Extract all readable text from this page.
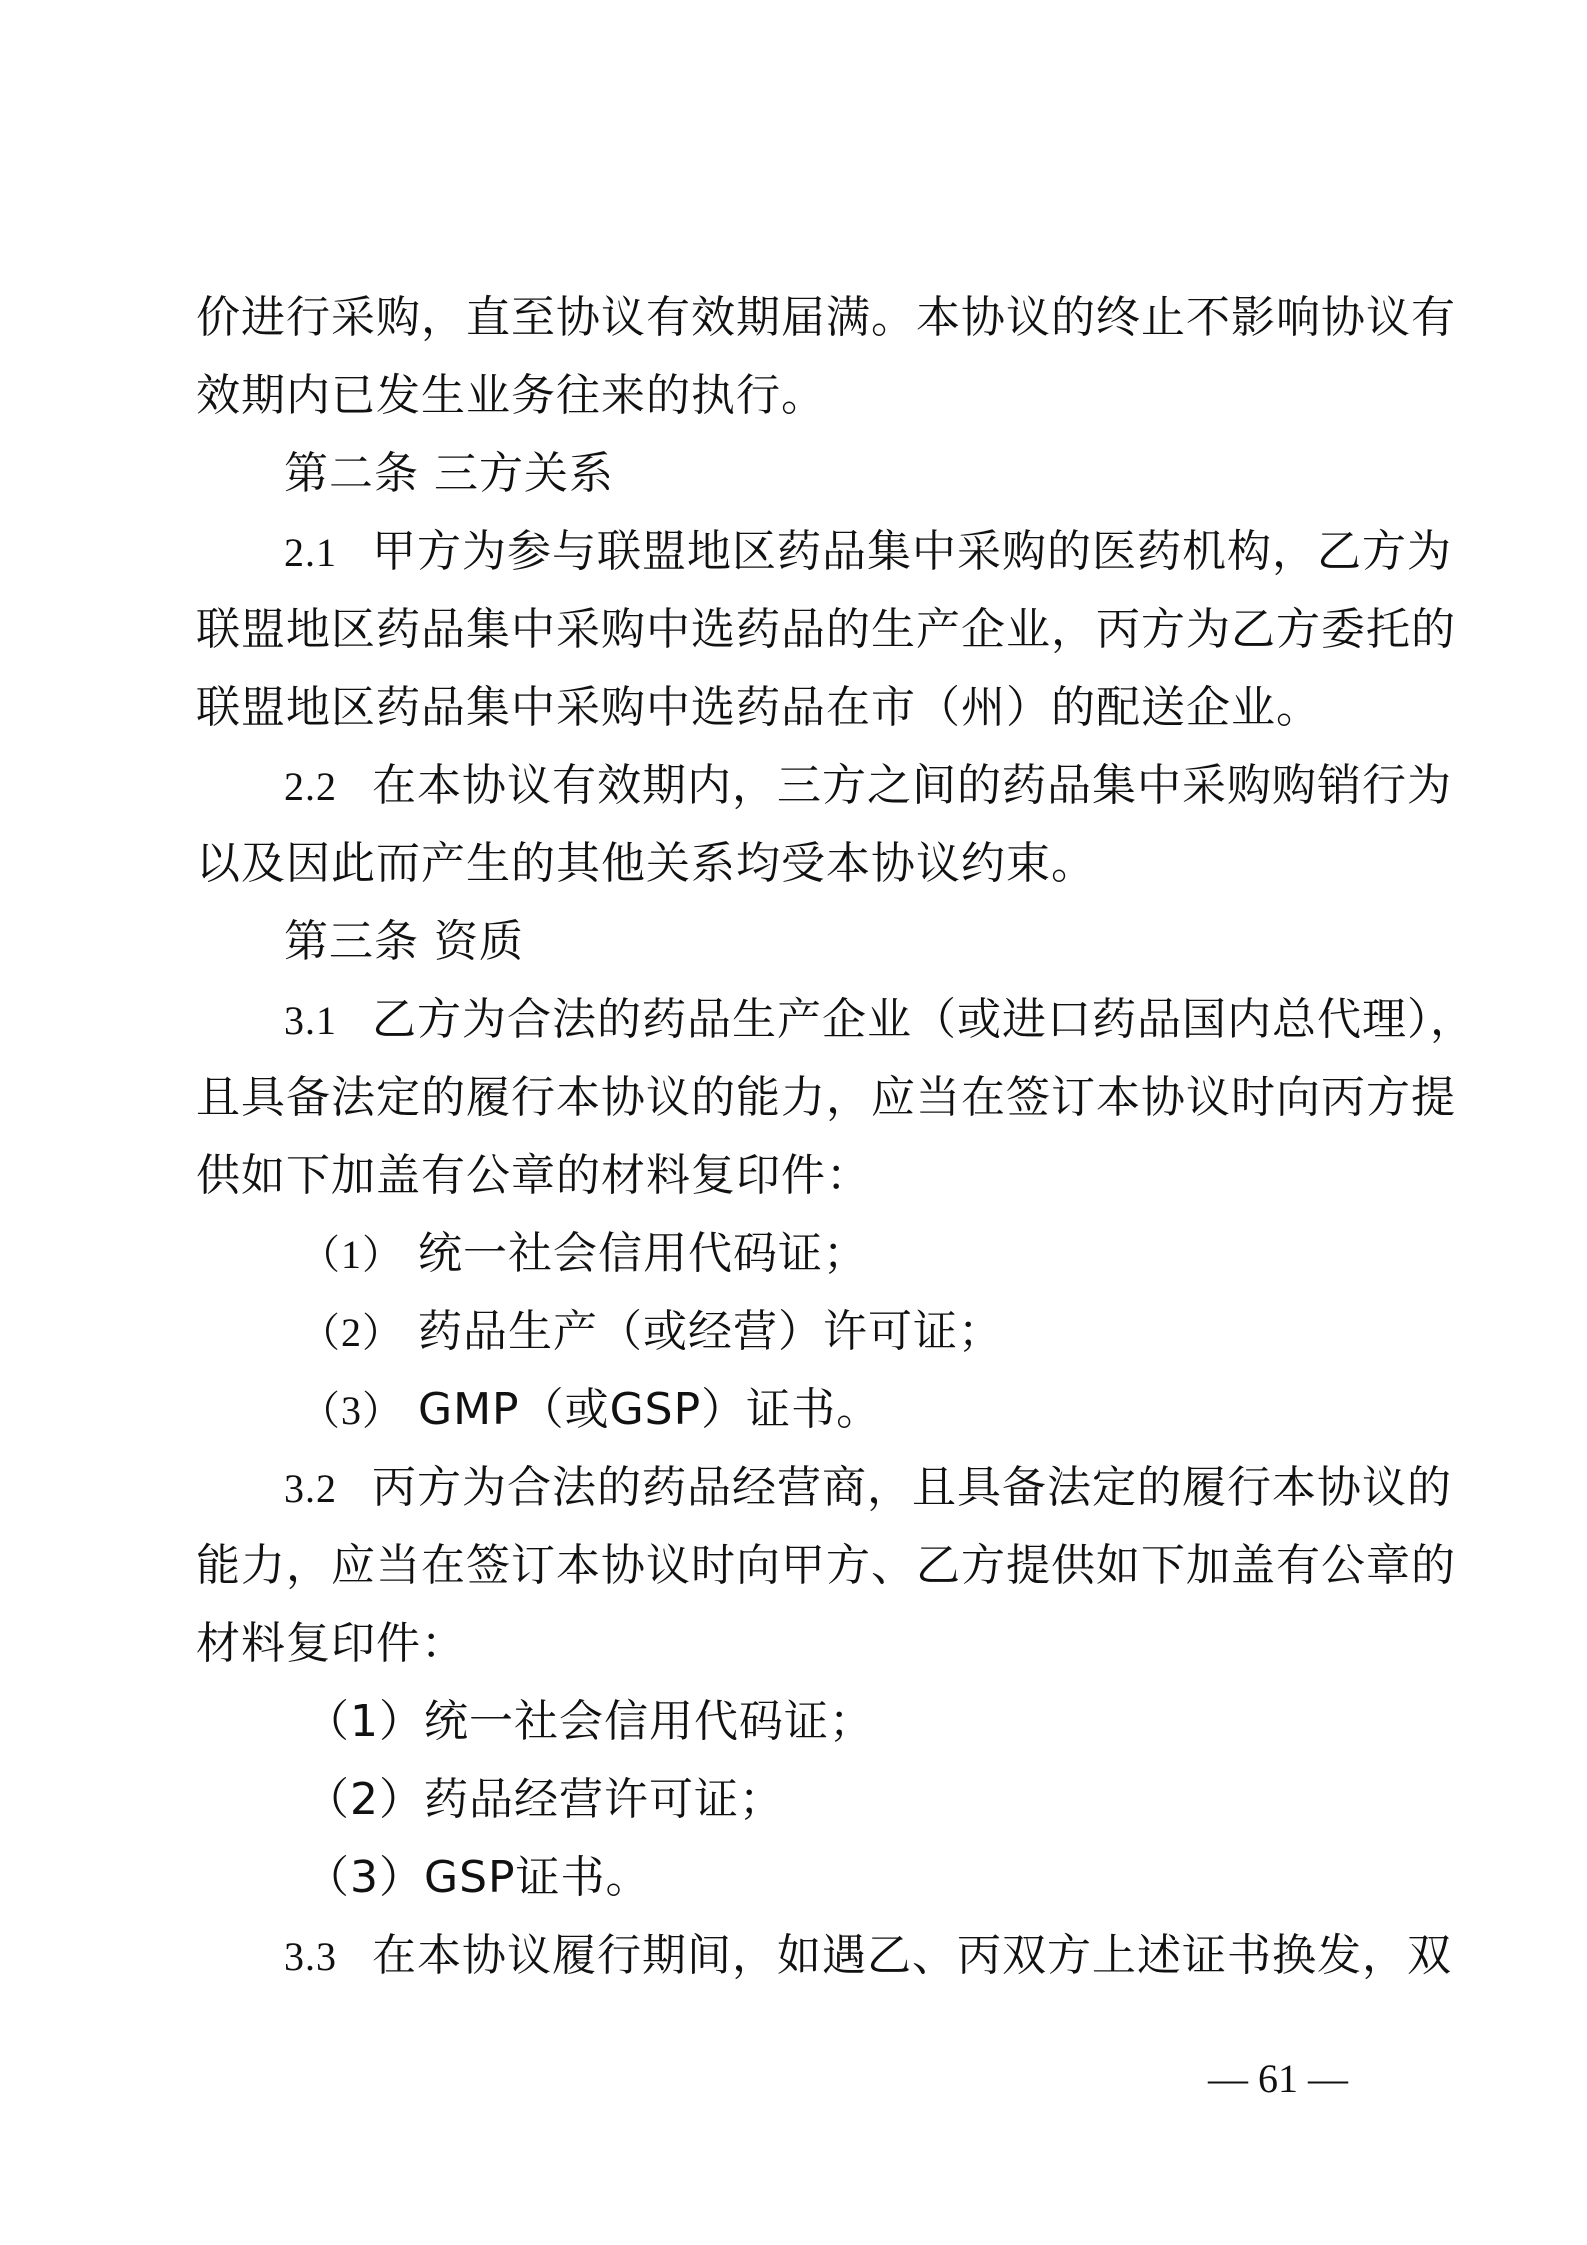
价进行采购，直至协议有效期届满。本协议的终止不影响协议有
效期内已发生业务往来的执行。
第二条 三方关系
2.1 甲方为参与联盟地区药品集中采购的医药机构，乙方为
联盟地区药品集中采购中选药品的生产企业，丙方为乙方委托的
联盟地区药品集中采购中选药品在市（州）的配送企业。
2.2 在本协议有效期内，三方之间的药品集中采购购销行为
以及因此而产生的其他关系均受本协议约束。
第三条 资质
3.1 乙方为合法的药品生产企业（或进口药品国内总代理），
且具备法定的履行本协议的能力，应当在签订本协议时向丙方提
供如下加盖有公章的材料复印件：
（1） 统一社会信用代码证；
（2） 药品生产（或经营）许可证；
（3） GMP（或GSP）证书。
3.2 丙方为合法的药品经营商，且具备法定的履行本协议的
能力，应当在签订本协议时向甲方、乙方提供如下加盖有公章的
材料复印件：
（1）统一社会信用代码证；
（2）药品经营许可证；
（3）GSP证书。
3.3 在本协议履行期间，如遇乙、丙双方上述证书换发，双
— 61 —
